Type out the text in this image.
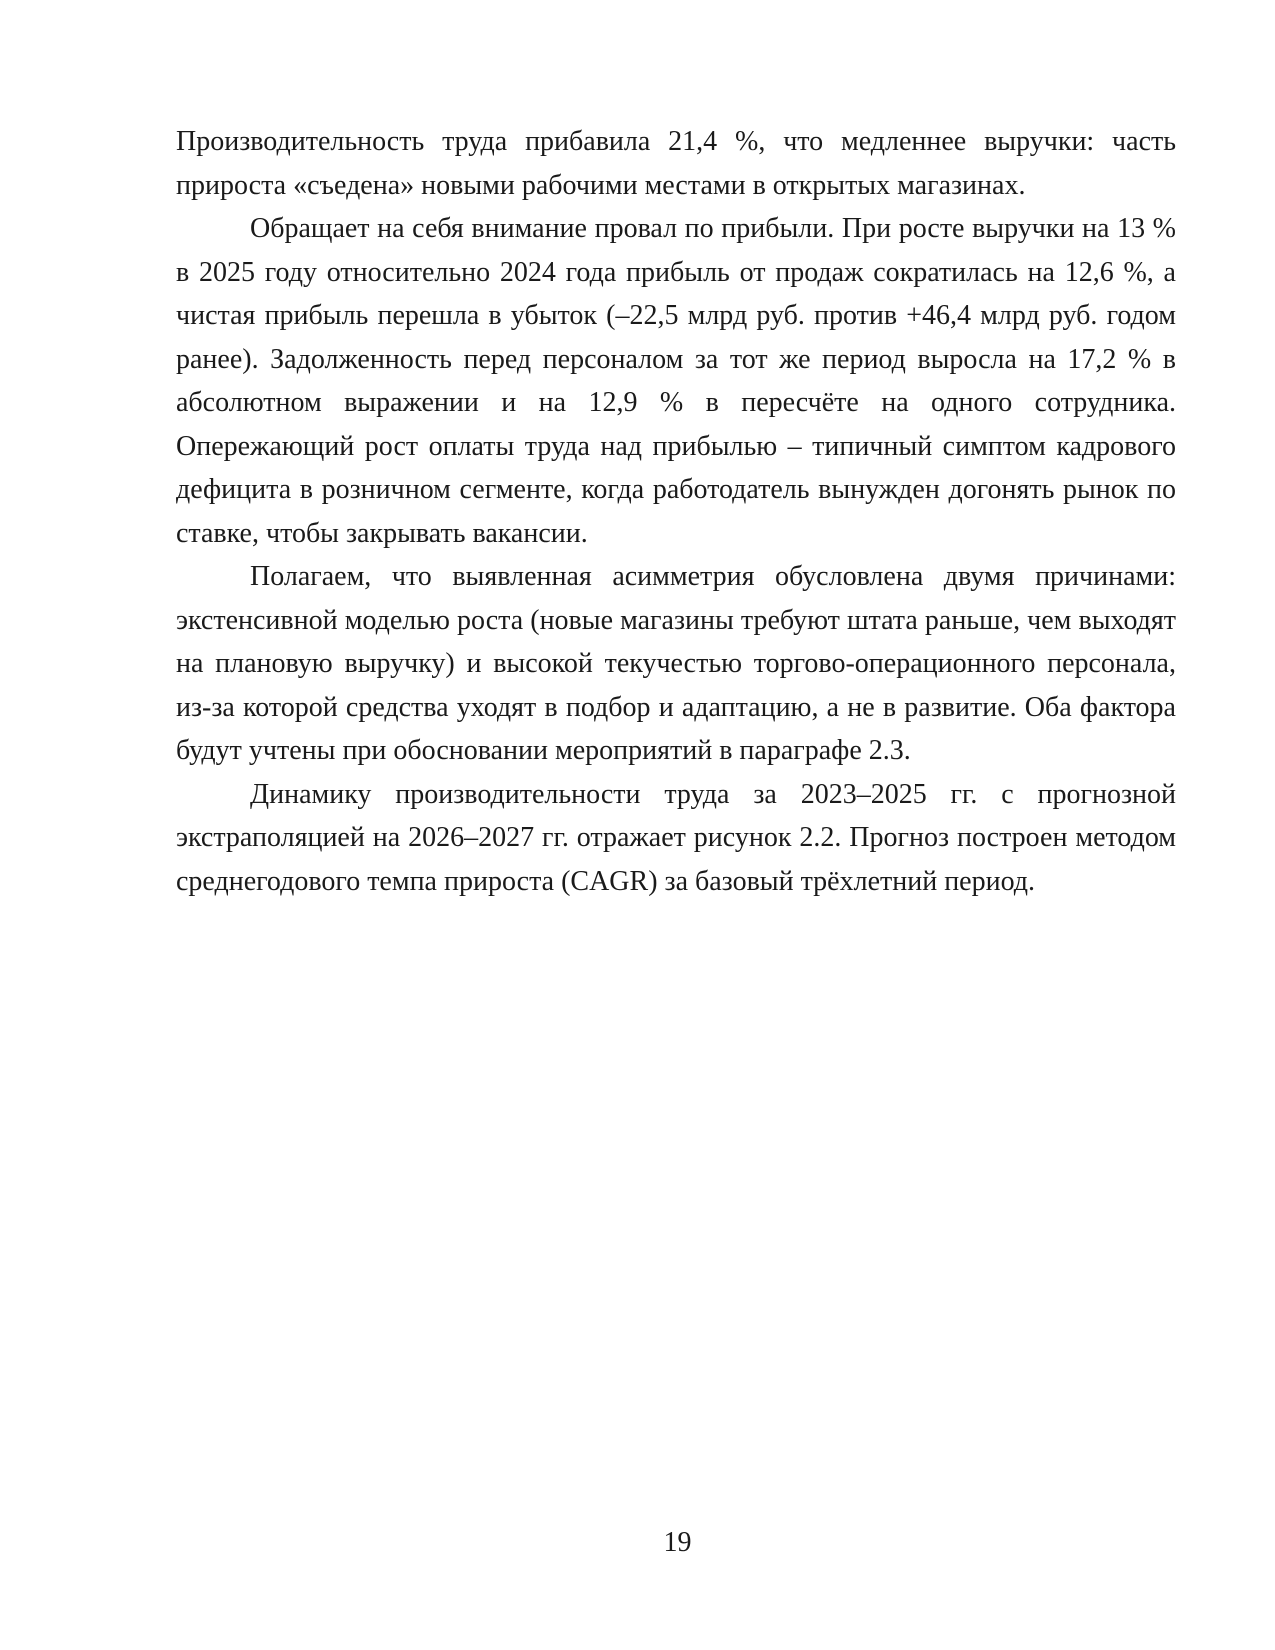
Производительность труда прибавила 21,4 %, что медленнее выручки: часть прироста «съедена» новыми рабочими местами в открытых магазинах.

Обращает на себя внимание провал по прибыли. При росте выручки на 13 % в 2025 году относительно 2024 года прибыль от продаж сократилась на 12,6 %, а чистая прибыль перешла в убыток (–22,5 млрд руб. против +46,4 млрд руб. годом ранее). Задолженность перед персоналом за тот же период выросла на 17,2 % в абсолютном выражении и на 12,9 % в пересчёте на одного сотрудника. Опережающий рост оплаты труда над прибылью – типичный симптом кадрового дефицита в розничном сегменте, когда работодатель вынужден догонять рынок по ставке, чтобы закрывать вакансии.

Полагаем, что выявленная асимметрия обусловлена двумя причинами: экстенсивной моделью роста (новые магазины требуют штата раньше, чем выходят на плановую выручку) и высокой текучестью торгово-операционного персонала, из-за которой средства уходят в подбор и адаптацию, а не в развитие. Оба фактора будут учтены при обосновании мероприятий в параграфе 2.3.

Динамику производительности труда за 2023–2025 гг. с прогнозной экстраполяцией на 2026–2027 гг. отражает рисунок 2.2. Прогноз построен методом среднегодового темпа прироста (CAGR) за базовый трёхлетний период.

19
